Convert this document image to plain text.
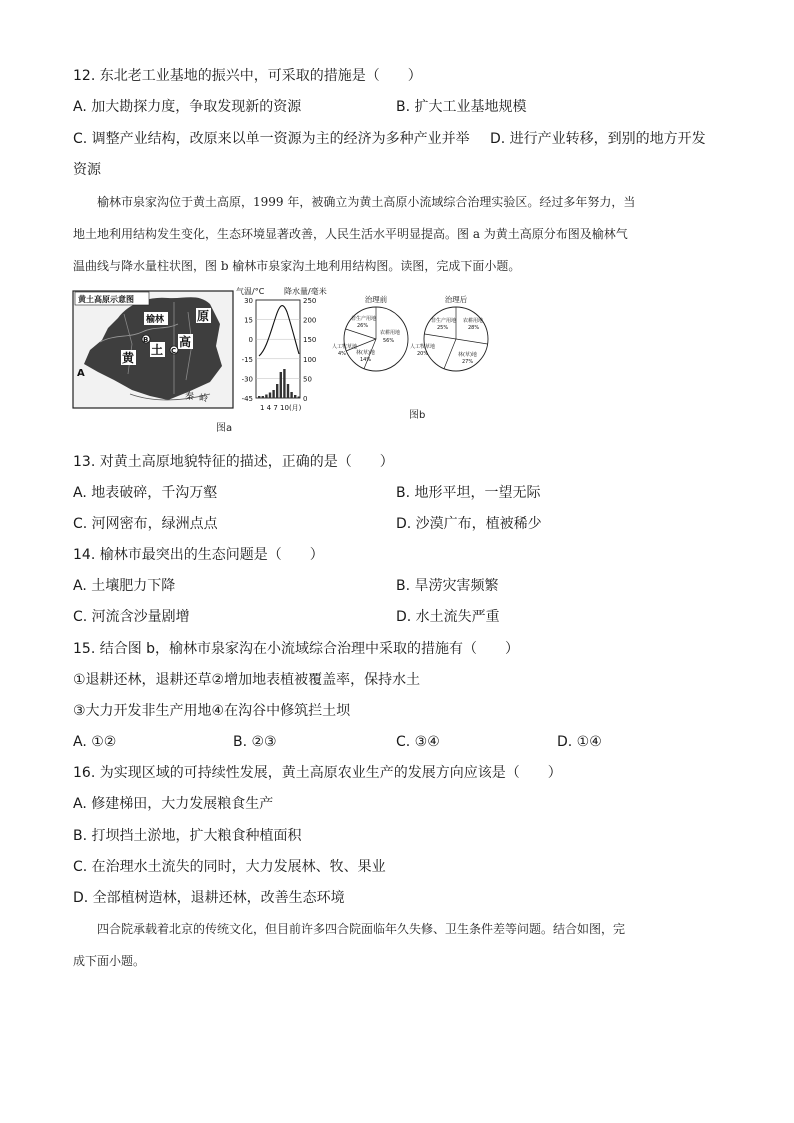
12. 东北老工业基地的振兴中，可采取的措施是（　　）
A. 加大勘探力度，争取发现新的资源	B. 扩大工业基地规模
C. 调整产业结构，改原来以单一资源为主的经济为多种产业并举 D. 进行产业转移，到别的地方开发
资源

榆林市泉家沟位于黄土高原，1999 年，被确立为黄土高原小流域综合治理实验区。经过多年努力，当

地土地利用结构发生变化，生态环境显著改善，人民生活水平明显提高。图 a 为黄土高原分布图及榆林气

温曲线与降水量柱状图，图 b 榆林市泉家沟土地利用结构图。读图，完成下面小题。

黄土高原示意图
榆林	原
高
土
黄
B
C
A
秦 岭
图a
气温/°C 降水量/毫米
30
15
0
-15
-30
-45
250
200
150
100
50
0
1 4 7 10(月)
治理前
农耕用地
56%
非生产用地
26%
林(草)地
14%
人工牧草地
4%
治理后
农耕用地
28%
非生产用地
25%
林(草)地
27%
人工牧草地
20%
图b
13. 对黄土高原地貌特征的描述，正确的是（　　）
A. 地表破碎，千沟万壑	B. 地形平坦，一望无际
C. 河网密布，绿洲点点	D. 沙漠广布，植被稀少
14. 榆林市最突出的生态问题是（　　）
A. 土壤肥力下降	B. 旱涝灾害频繁
C. 河流含沙量剧增	D. 水土流失严重
15. 结合图 b，榆林市泉家沟在小流域综合治理中采取的措施有（　　）
①退耕还林，退耕还草②增加地表植被覆盖率，保持水土
③大力开发非生产用地④在沟谷中修筑拦土坝
A. ①②	B. ②③	C. ③④	D. ①④
16. 为实现区域的可持续性发展，黄土高原农业生产的发展方向应该是（　　）
A. 修建梯田，大力发展粮食生产
B. 打坝挡土淤地，扩大粮食种植面积
C. 在治理水土流失的同时，大力发展林、牧、果业
D. 全部植树造林，退耕还林，改善生态环境

四合院承载着北京的传统文化，但目前许多四合院面临年久失修、卫生条件差等问题。结合如图，完

成下面小题。
